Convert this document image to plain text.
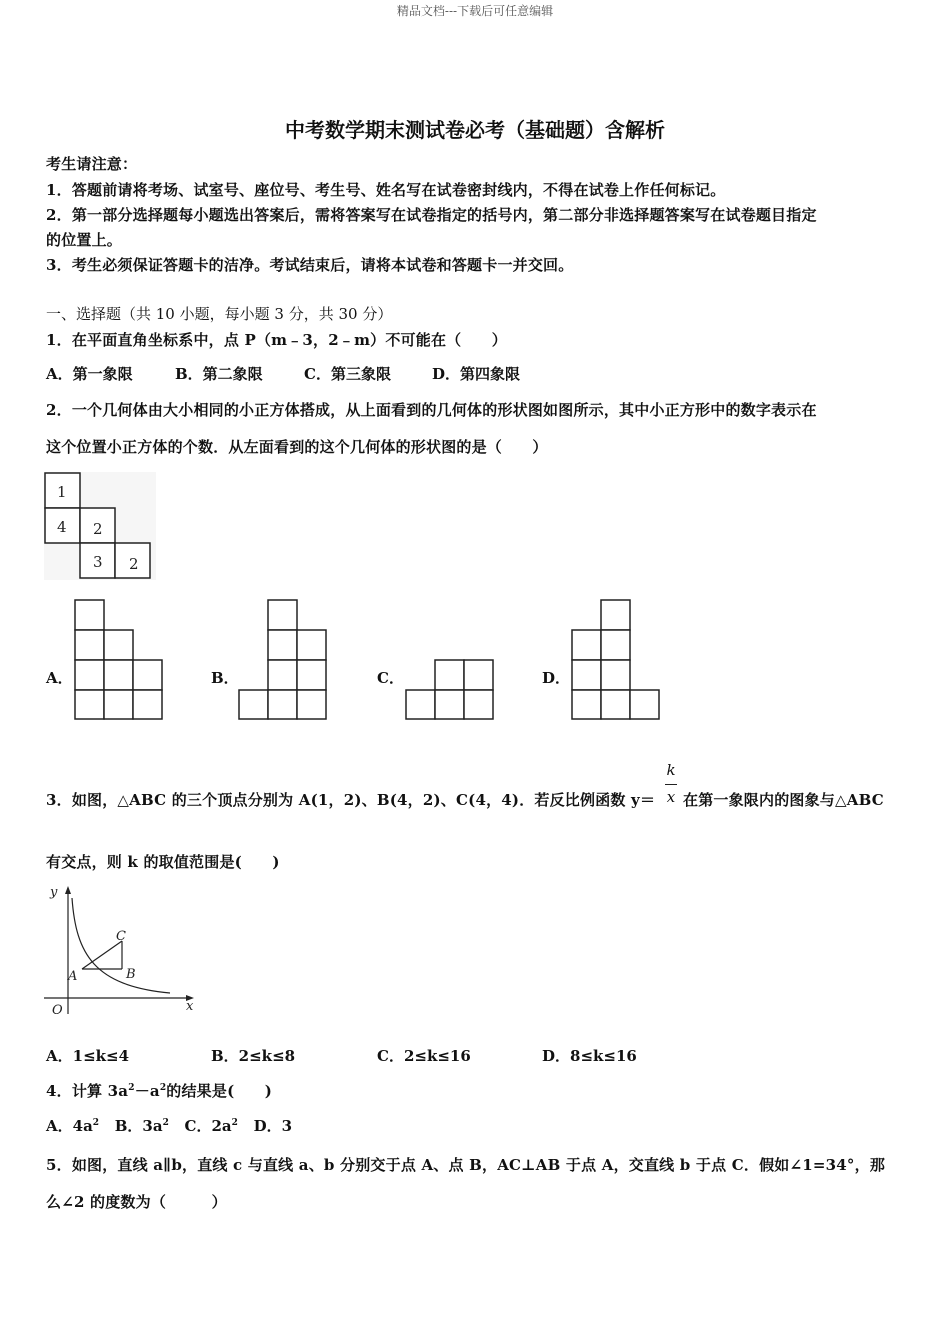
精品文档---下载后可任意编辑
中考数学期末测试卷必考（基础题）含解析
考生请注意：
1．答题前请将考场、试室号、座位号、考生号、姓名写在试卷密封线内，不得在试卷上作任何标记。
2．第一部分选择题每小题选出答案后，需将答案写在试卷指定的括号内，第二部分非选择题答案写在试卷题目指定
的位置上。
3．考生必须保证答题卡的洁净。考试结束后，请将本试卷和答题卡一并交回。
一、选择题（共 10 小题，每小题 3 分，共 30 分）
1．在平面直角坐标系中，点 P（m﹣3，2﹣m）不可能在（　　）
A．第一象限	B．第二象限	C．第三象限	D．第四象限
2．一个几何体由大小相同的小正方体搭成，从上面看到的几何体的形状图如图所示，其中小正方形中的数字表示在
这个位置小正方体的个数．从左面看到的这个几何体的形状图的是（　　）
1
4 2
3 2
A．	B．	C．	D．
3．如图，△ABC 的三个顶点分别为 A(1，2)、B(4，2)、C(4，4)．若反比例函数 y＝
k
x 在第一象限内的图象与△ABC
有交点，则 k 的取值范围是(　　)
y
x
O
A	B
C
A．1≤k≤4	B．2≤k≤8	C．2≤k≤16	D．8≤k≤16
4．计算 $3a^2-a^2$的结果是(　　)
A．$4a^2$ B．$3a^2$ C．$2a^2$ D．3
5．如图，直线 a∥b，直线 c 与直线 a、b 分别交于点 A、点 B，AC⊥AB 于点 A，交直线 b 于点 C．假如∠1=34°，那
么∠2 的度数为（　　　）
